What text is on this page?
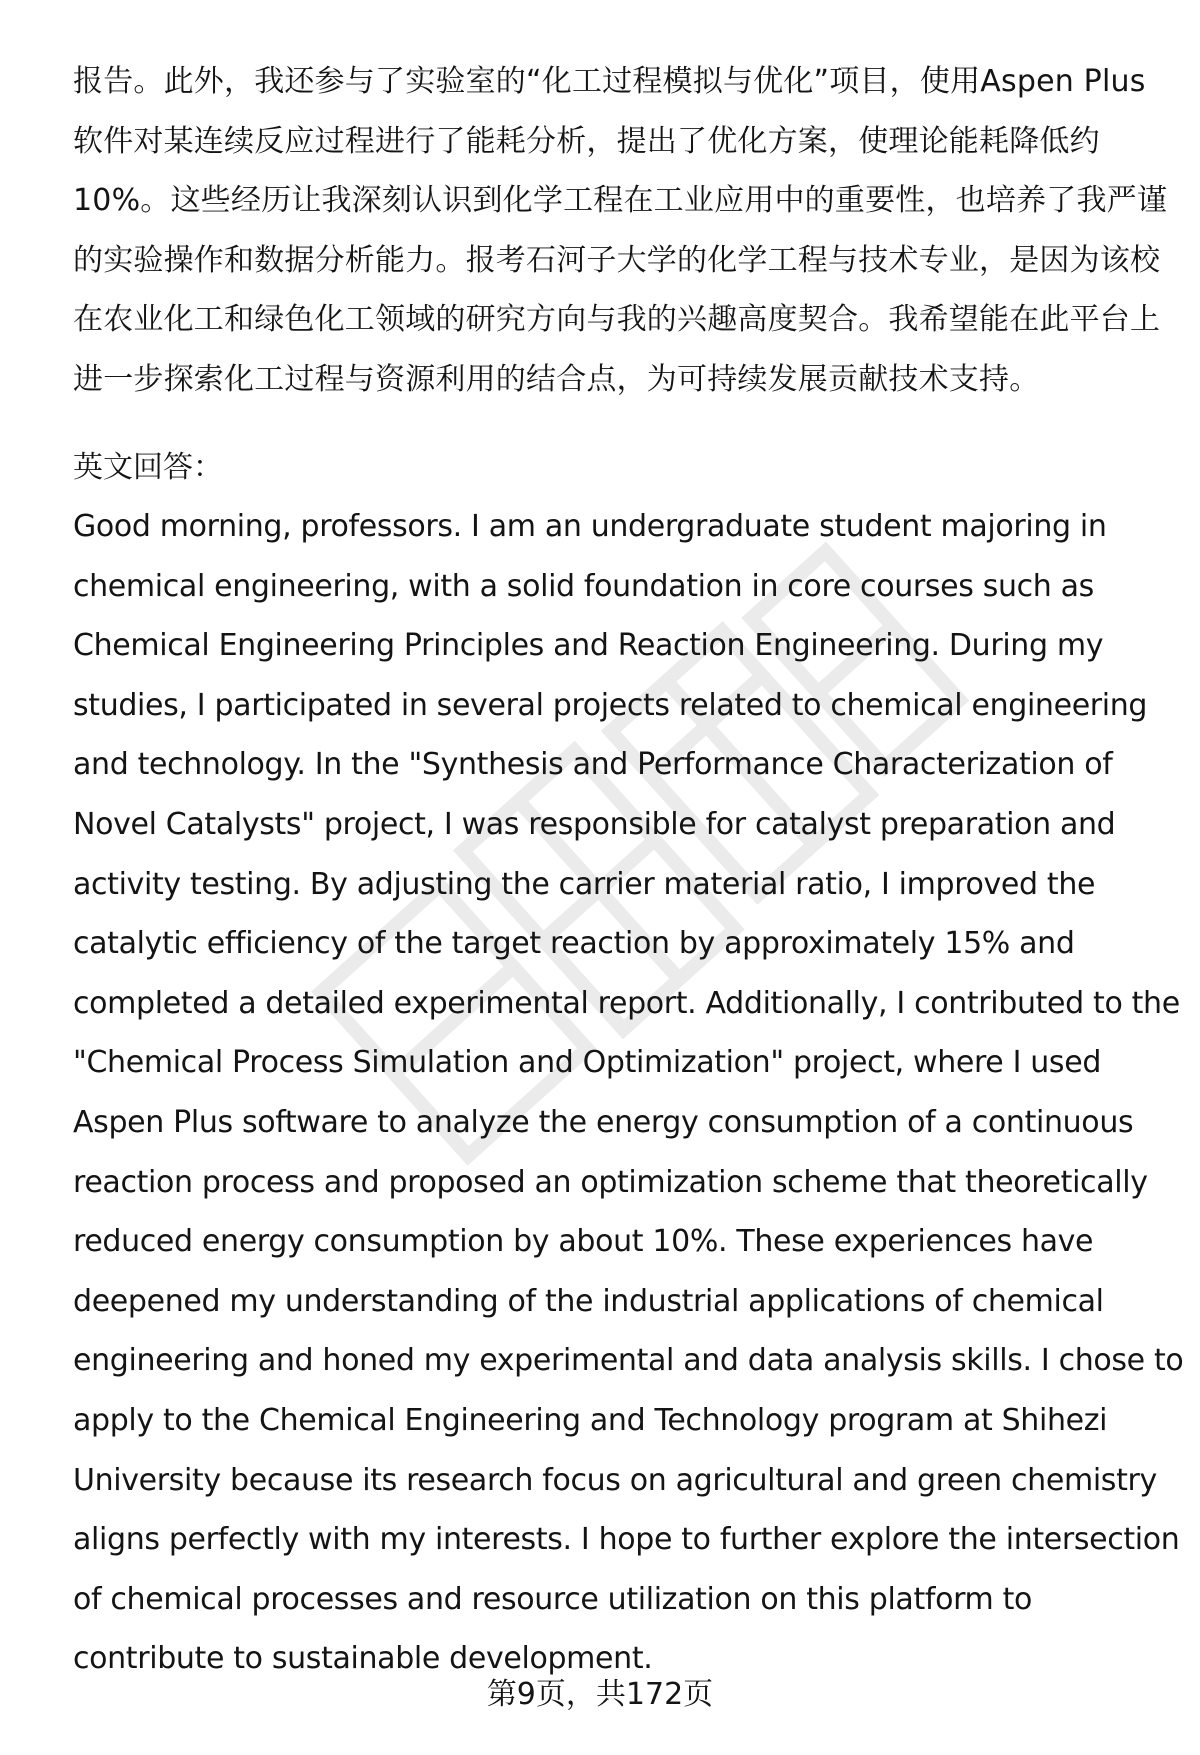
报告。此外，我还参与了实验室的“化工过程模拟与优化”项目，使用Aspen Plus
软件对某连续反应过程进行了能耗分析，提出了优化方案，使理论能耗降低约
10%。这些经历让我深刻认识到化学工程在工业应用中的重要性，也培养了我严谨
的实验操作和数据分析能力。报考石河子大学的化学工程与技术专业，是因为该校
在农业化工和绿色化工领域的研究方向与我的兴趣高度契合。我希望能在此平台上
进一步探索化工过程与资源利用的结合点，为可持续发展贡献技术支持。
英文回答：
Good morning, professors. I am an undergraduate student majoring in
chemical engineering, with a solid foundation in core courses such as
Chemical Engineering Principles and Reaction Engineering. During my
studies, I participated in several projects related to chemical engineering
and technology. In the "Synthesis and Performance Characterization of
Novel Catalysts" project, I was responsible for catalyst preparation and
activity testing. By adjusting the carrier material ratio, I improved the
catalytic efficiency of the target reaction by approximately 15% and
completed a detailed experimental report. Additionally, I contributed to the
"Chemical Process Simulation and Optimization" project, where I used
Aspen Plus software to analyze the energy consumption of a continuous
reaction process and proposed an optimization scheme that theoretically
reduced energy consumption by about 10%. These experiences have
deepened my understanding of the industrial applications of chemical
engineering and honed my experimental and data analysis skills. I chose to
apply to the Chemical Engineering and Technology program at Shihezi
University because its research focus on agricultural and green chemistry
aligns perfectly with my interests. I hope to further explore the intersection
of chemical processes and resource utilization on this platform to
contribute to sustainable development.
第9页，共172页
